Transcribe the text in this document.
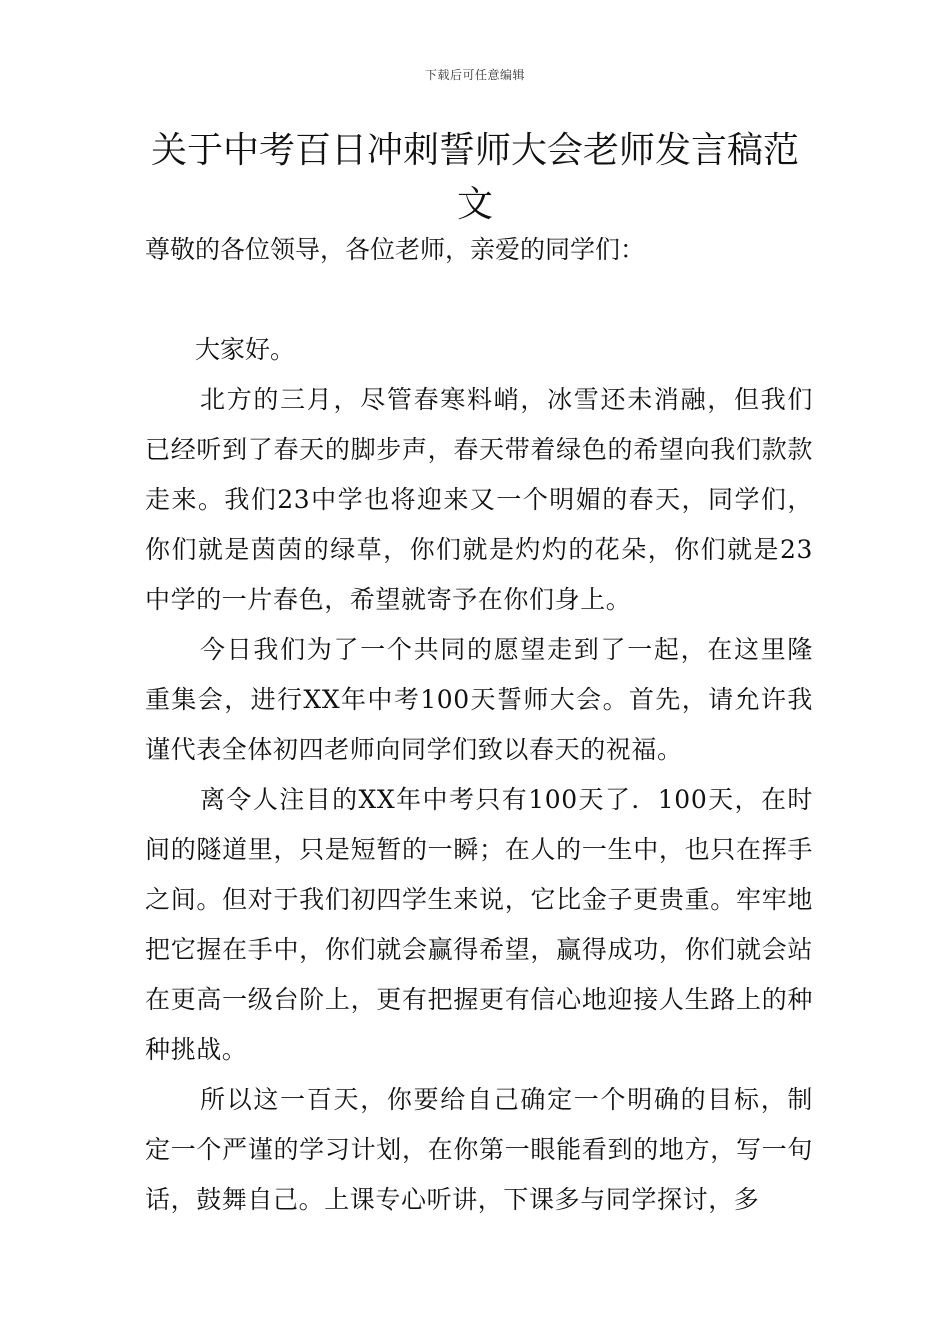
下载后可任意编辑
关于中考百日冲刺誓师大会老师发言稿范文
尊敬的各位领导，各位老师，亲爱的同学们：
大家好。

北方的三月，尽管春寒料峭，冰雪还未消融，但我们已经听到了春天的脚步声，春天带着绿色的希望向我们款款走来。我们23中学也将迎来又一个明媚的春天，同学们，你们就是茵茵的绿草，你们就是灼灼的花朵，你们就是23中学的一片春色，希望就寄予在你们身上。

今日我们为了一个共同的愿望走到了一起，在这里隆重集会，进行XX年中考100天誓师大会。首先，请允许我谨代表全体初四老师向同学们致以春天的祝福。

离令人注目的XX年中考只有100天了．100天，在时间的隧道里，只是短暂的一瞬；在人的一生中，也只在挥手之间。但对于我们初四学生来说，它比金子更贵重。牢牢地把它握在手中，你们就会赢得希望，赢得成功，你们就会站在更高一级台阶上，更有把握更有信心地迎接人生路上的种种挑战。

所以这一百天，你要给自己确定一个明确的目标，制定一个严谨的学习计划，在你第一眼能看到的地方，写一句话，鼓舞自己。上课专心听讲，下课多与同学探讨，多
